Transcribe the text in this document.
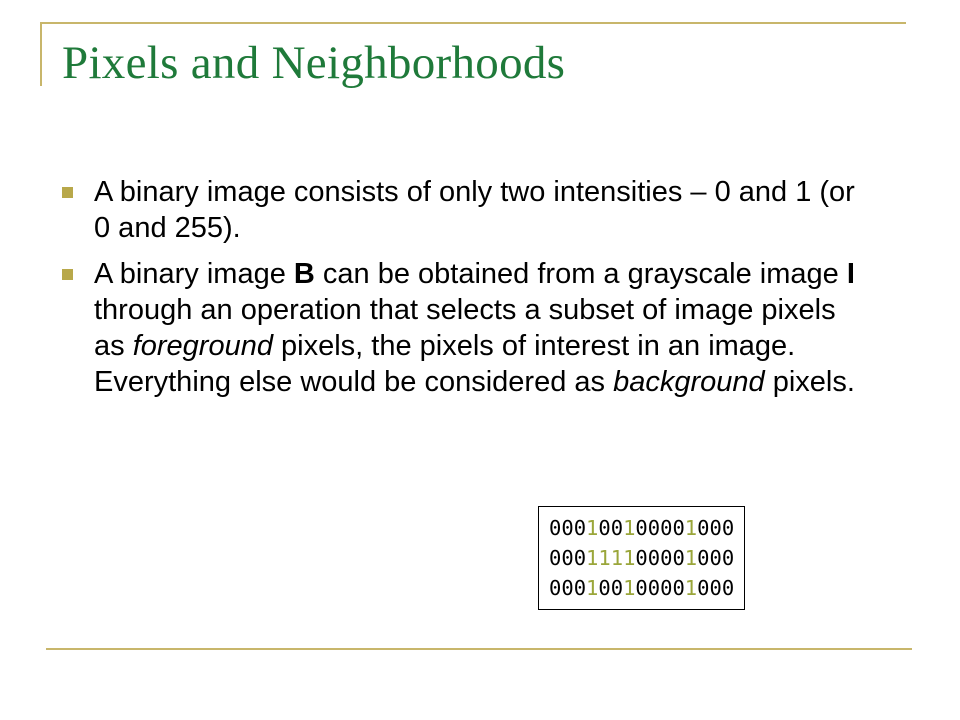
Pixels and Neighborhoods
A binary image consists of only two intensities – 0 and 1 (or 0 and 255).
A binary image B can be obtained from a grayscale image I through an operation that selects a subset of image pixels as foreground pixels, the pixels of interest in an image. Everything else would be considered as background pixels.
000100100001000
000111100001000
000100100001000
